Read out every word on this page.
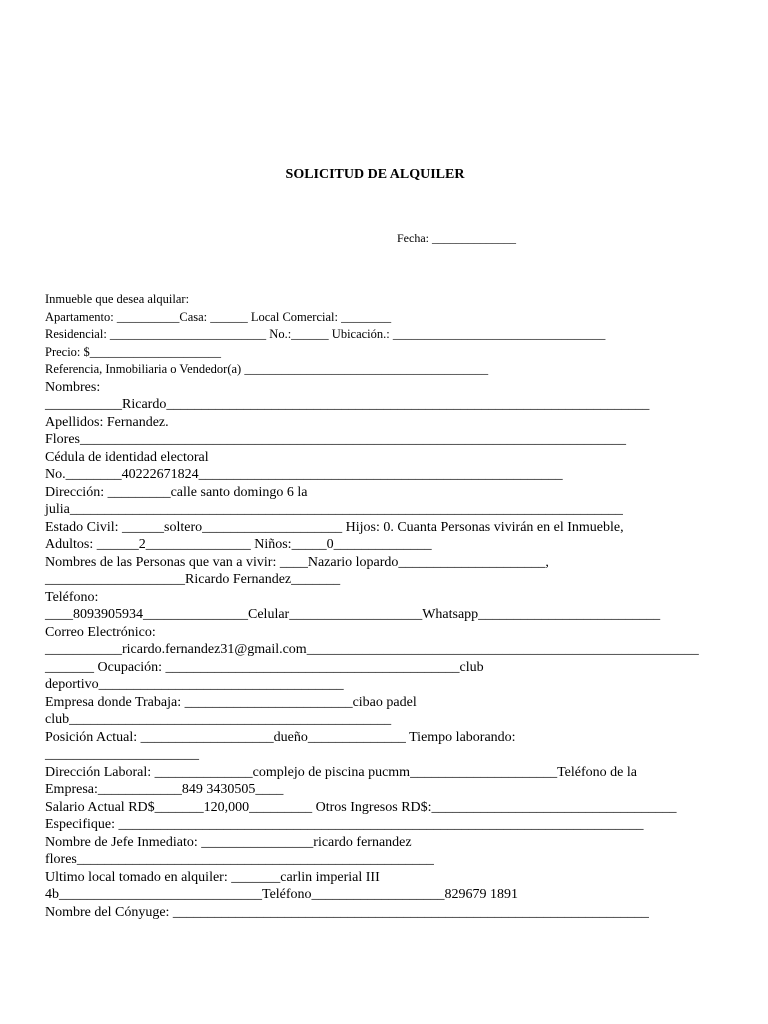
SOLICITUD DE ALQUILER
Fecha: ______________
Inmueble que desea alquilar:
Apartamento: __________Casa: ______ Local Comercial: ________
Residencial: _________________________ No.:______ Ubicación.: __________________________________
Precio: $_____________________
Referencia, Inmobiliaria o Vendedor(a) _______________________________________
Nombres:
___________Ricardo_____________________________________________________________________
Apellidos: Fernandez.
Flores______________________________________________________________________________
Cédula de identidad electoral
No.________40222671824____________________________________________________
Dirección: _________calle santo domingo 6 la
julia_______________________________________________________________________________
Estado Civil: ______soltero____________________ Hijos: 0. Cuanta Personas vivirán en el Inmueble,
Adultos: ______2_______________ Niños:_____0______________
Nombres de las Personas que van a vivir: ____Nazario lopardo_____________________,
____________________Ricardo Fernandez_______
Teléfono:
____8093905934_______________Celular___________________Whatsapp__________________________
Correo Electrónico:
___________ricardo.fernandez31@gmail.com________________________________________________________
_______ Ocupación: __________________________________________club
deportivo___________________________________
Empresa donde Trabaja: ________________________cibao padel
club______________________________________________
Posición Actual: ___________________dueño______________ Tiempo laborando:
______________________
Dirección Laboral: ______________complejo de piscina pucmm_____________________Teléfono de la
Empresa:____________849 3430505____
Salario Actual RD$_______120,000_________ Otros Ingresos RD$:___________________________________
Especifique: ___________________________________________________________________________
Nombre de Jefe Inmediato: ________________ricardo fernandez
flores___________________________________________________
Ultimo local tomado en alquiler: _______carlin imperial III
4b_____________________________Teléfono___________________829679 1891
Nombre del Cónyuge: ____________________________________________________________________
